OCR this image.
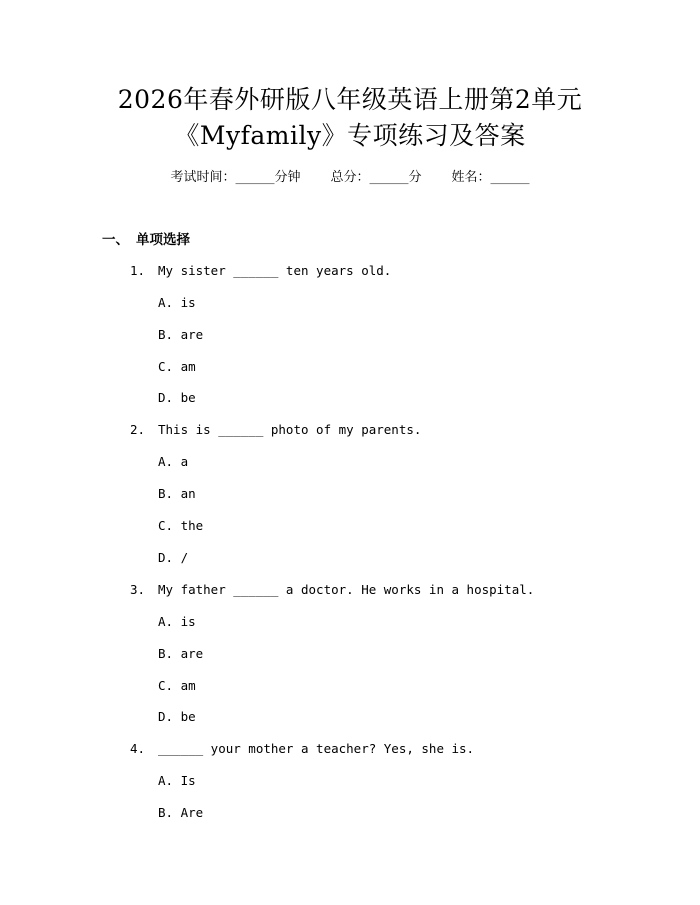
2026年春外研版八年级英语上册第2单元
《Myfamily》专项练习及答案
考试时间：______分钟 总分：______分 姓名：______
一、 单项选择
1. My sister ______ ten years old.
A. is
B. are
C. am
D. be
2. This is ______ photo of my parents.
A. a
B. an
C. the
D. /
3. My father ______ a doctor. He works in a hospital.
A. is
B. are
C. am
D. be
4. ______ your mother a teacher? Yes, she is.
A. Is
B. Are
